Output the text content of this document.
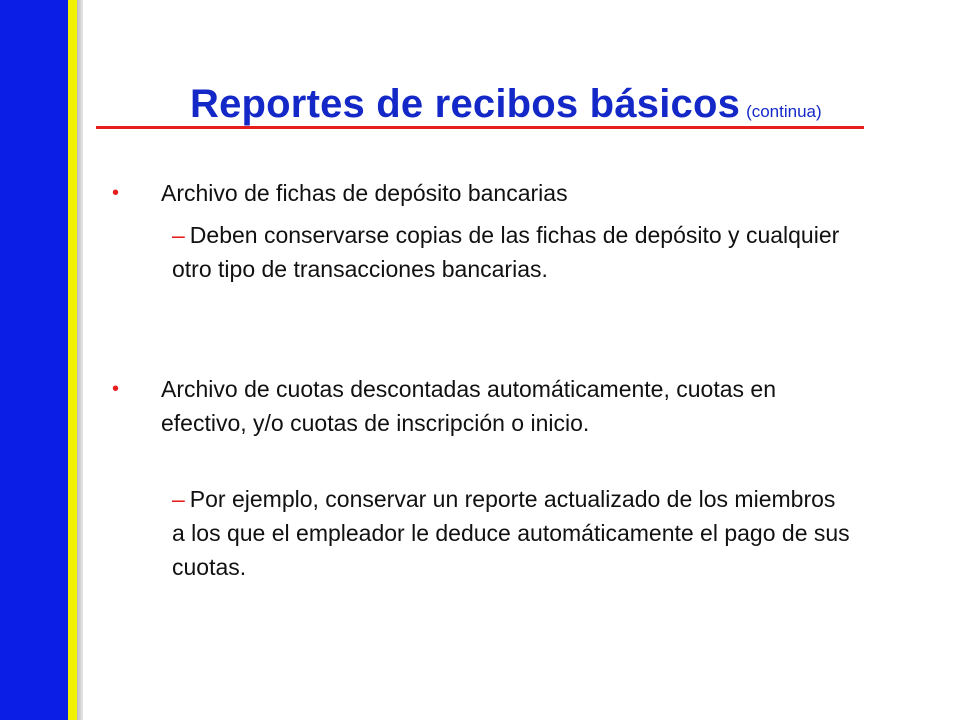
Reportes de recibos básicos (continua)
• Archivo de fichas de depósito bancarias
– Deben conservarse copias de las fichas de depósito y cualquier otro tipo de transacciones bancarias.
• Archivo de cuotas descontadas automáticamente, cuotas en efectivo, y/o cuotas de inscripción o inicio.
– Por ejemplo, conservar un reporte actualizado de los miembros a los que el empleador le deduce automáticamente el pago de sus cuotas.
